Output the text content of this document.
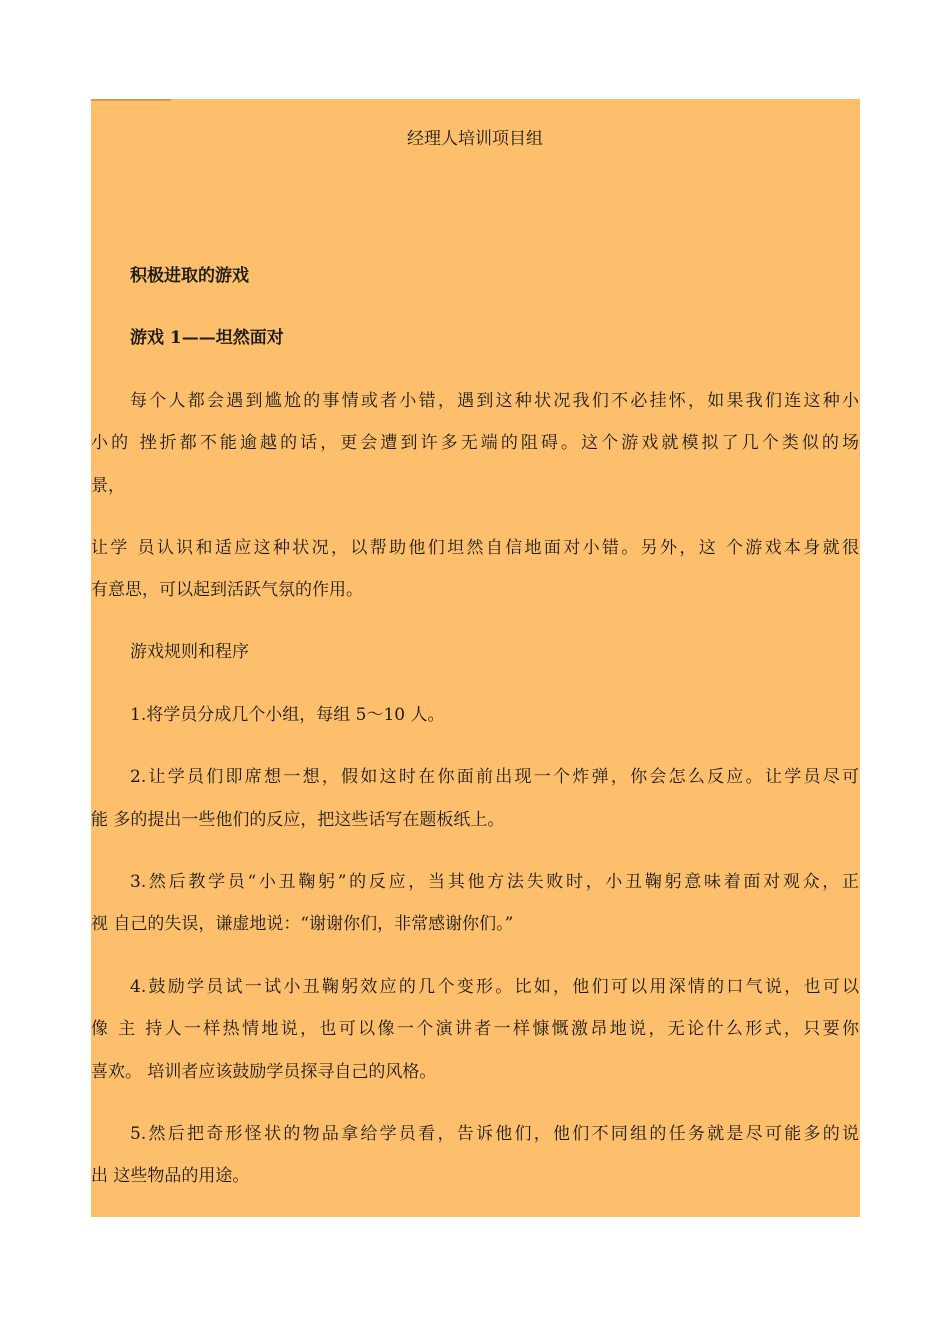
经理人培训项目组
积极进取的游戏
游戏 1——坦然面对
每个人都会遇到尴尬的事情或者小错，遇到这种状况我们不必挂怀，如果我们连这种小
小的 挫折都不能逾越的话，更会遭到许多无端的阻碍。这个游戏就模拟了几个类似的场
景，
让学 员认识和适应这种状况，以帮助他们坦然自信地面对小错。另外，这 个游戏本身就很
有意思，可以起到活跃气氛的作用。
游戏规则和程序
1.将学员分成几个小组，每组 5～10 人。
2.让学员们即席想一想，假如这时在你面前出现一个炸弹，你会怎么反应。让学员尽可
能 多的提出一些他们的反应，把这些话写在题板纸上。
3.然后教学员“小丑鞠躬”的反应，当其他方法失败时，小丑鞠躬意味着面对观众，正
视 自己的失误，谦虚地说：“谢谢你们，非常感谢你们。”
4.鼓励学员试一试小丑鞠躬效应的几个变形。比如，他们可以用深情的口气说，也可以
像 主 持人一样热情地说，也可以像一个演讲者一样慷慨激昂地说，无论什么形式，只要你
喜欢。 培训者应该鼓励学员探寻自己的风格。
5.然后把奇形怪状的物品拿给学员看，告诉他们，他们不同组的任务就是尽可能多的说
出 这些物品的用途。
